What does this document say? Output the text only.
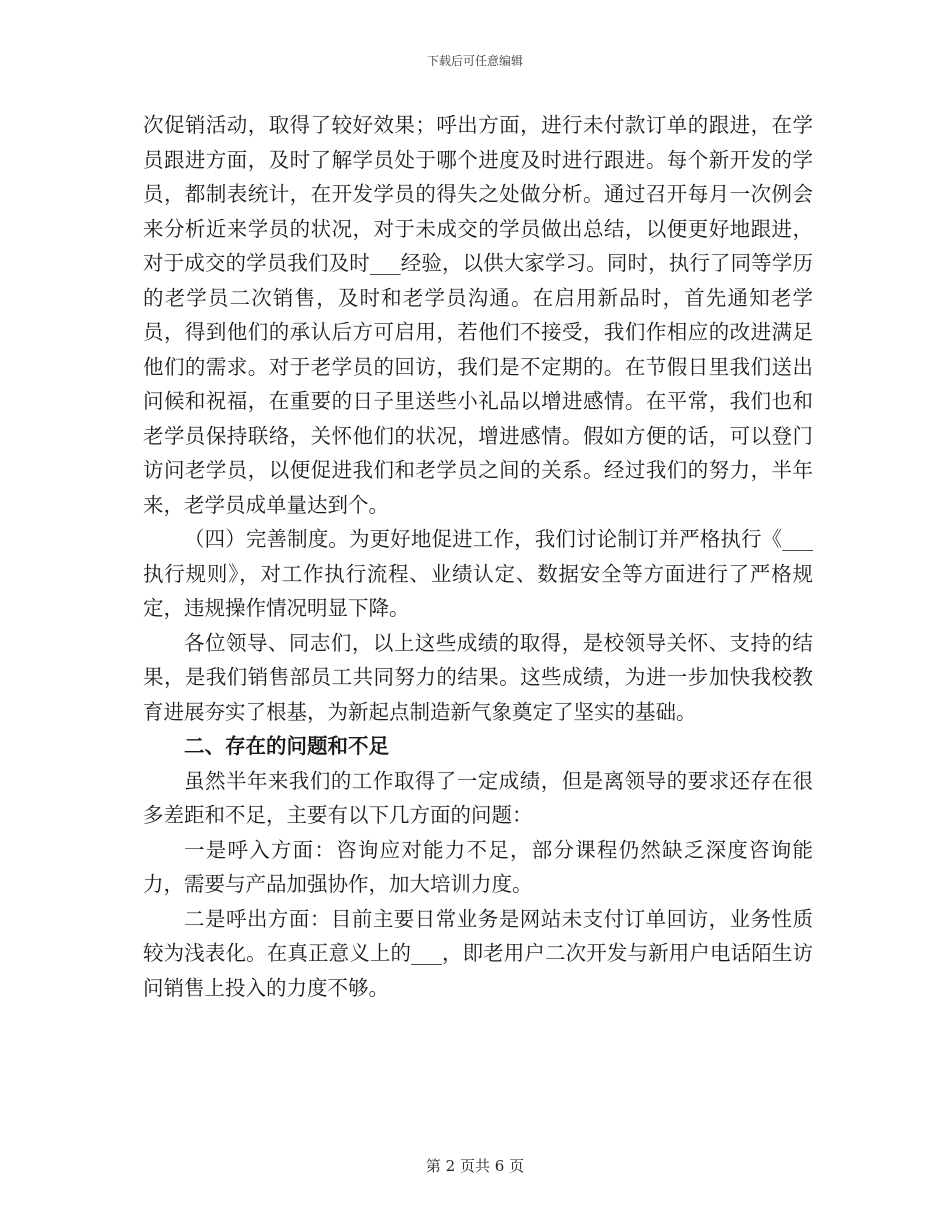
下载后可任意编辑

次促销活动，取得了较好效果；呼出方面，进行未付款订单的跟进，在学员跟进方面，及时了解学员处于哪个进度及时进行跟进。每个新开发的学员，都制表统计，在开发学员的得失之处做分析。通过召开每月一次例会来分析近来学员的状况，对于未成交的学员做出总结，以便更好地跟进，对于成交的学员我们及时___经验，以供大家学习。同时，执行了同等学历的老学员二次销售，及时和老学员沟通。在启用新品时，首先通知老学员，得到他们的承认后方可启用，若他们不接受，我们作相应的改进满足他们的需求。对于老学员的回访，我们是不定期的。在节假日里我们送出问候和祝福，在重要的日子里送些小礼品以增进感情。在平常，我们也和老学员保持联络，关怀他们的状况，增进感情。假如方便的话，可以登门访问老学员，以便促进我们和老学员之间的关系。经过我们的努力，半年来，老学员成单量达到个。

（四）完善制度。为更好地促进工作，我们讨论制订并严格执行《___执行规则》，对工作执行流程、业绩认定、数据安全等方面进行了严格规定，违规操作情况明显下降。

各位领导、同志们，以上这些成绩的取得，是校领导关怀、支持的结果，是我们销售部员工共同努力的结果。这些成绩，为进一步加快我校教育进展夯实了根基，为新起点制造新气象奠定了坚实的基础。

二、存在的问题和不足

虽然半年来我们的工作取得了一定成绩，但是离领导的要求还存在很多差距和不足，主要有以下几方面的问题：

一是呼入方面：咨询应对能力不足，部分课程仍然缺乏深度咨询能力，需要与产品加强协作，加大培训力度。

二是呼出方面：目前主要日常业务是网站未支付订单回访，业务性质较为浅表化。在真正意义上的___，即老用户二次开发与新用户电话陌生访问销售上投入的力度不够。

第 2 页共 6 页
